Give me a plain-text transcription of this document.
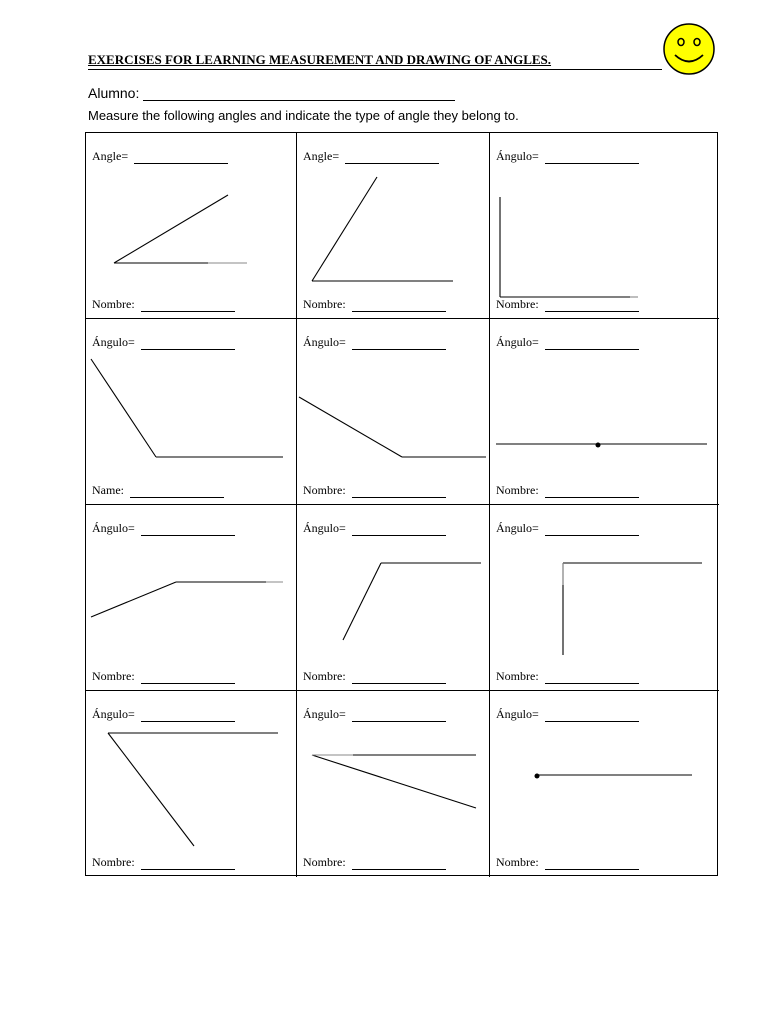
EXERCISES FOR LEARNING MEASUREMENT AND DRAWING OF ANGLES.
Alumno:
Measure the following angles and indicate the type of angle they belong to.
Angle=
Nombre:
Angle=
Nombre:
Ángulo=
Nombre:
Ángulo=
Name:
Ángulo=
Nombre:
Ángulo=
Nombre:
Ángulo=
Nombre:
Ángulo=
Nombre:
Ángulo=
Nombre:
Ángulo=
Nombre:
Ángulo=
Nombre:
Ángulo=
Nombre:
